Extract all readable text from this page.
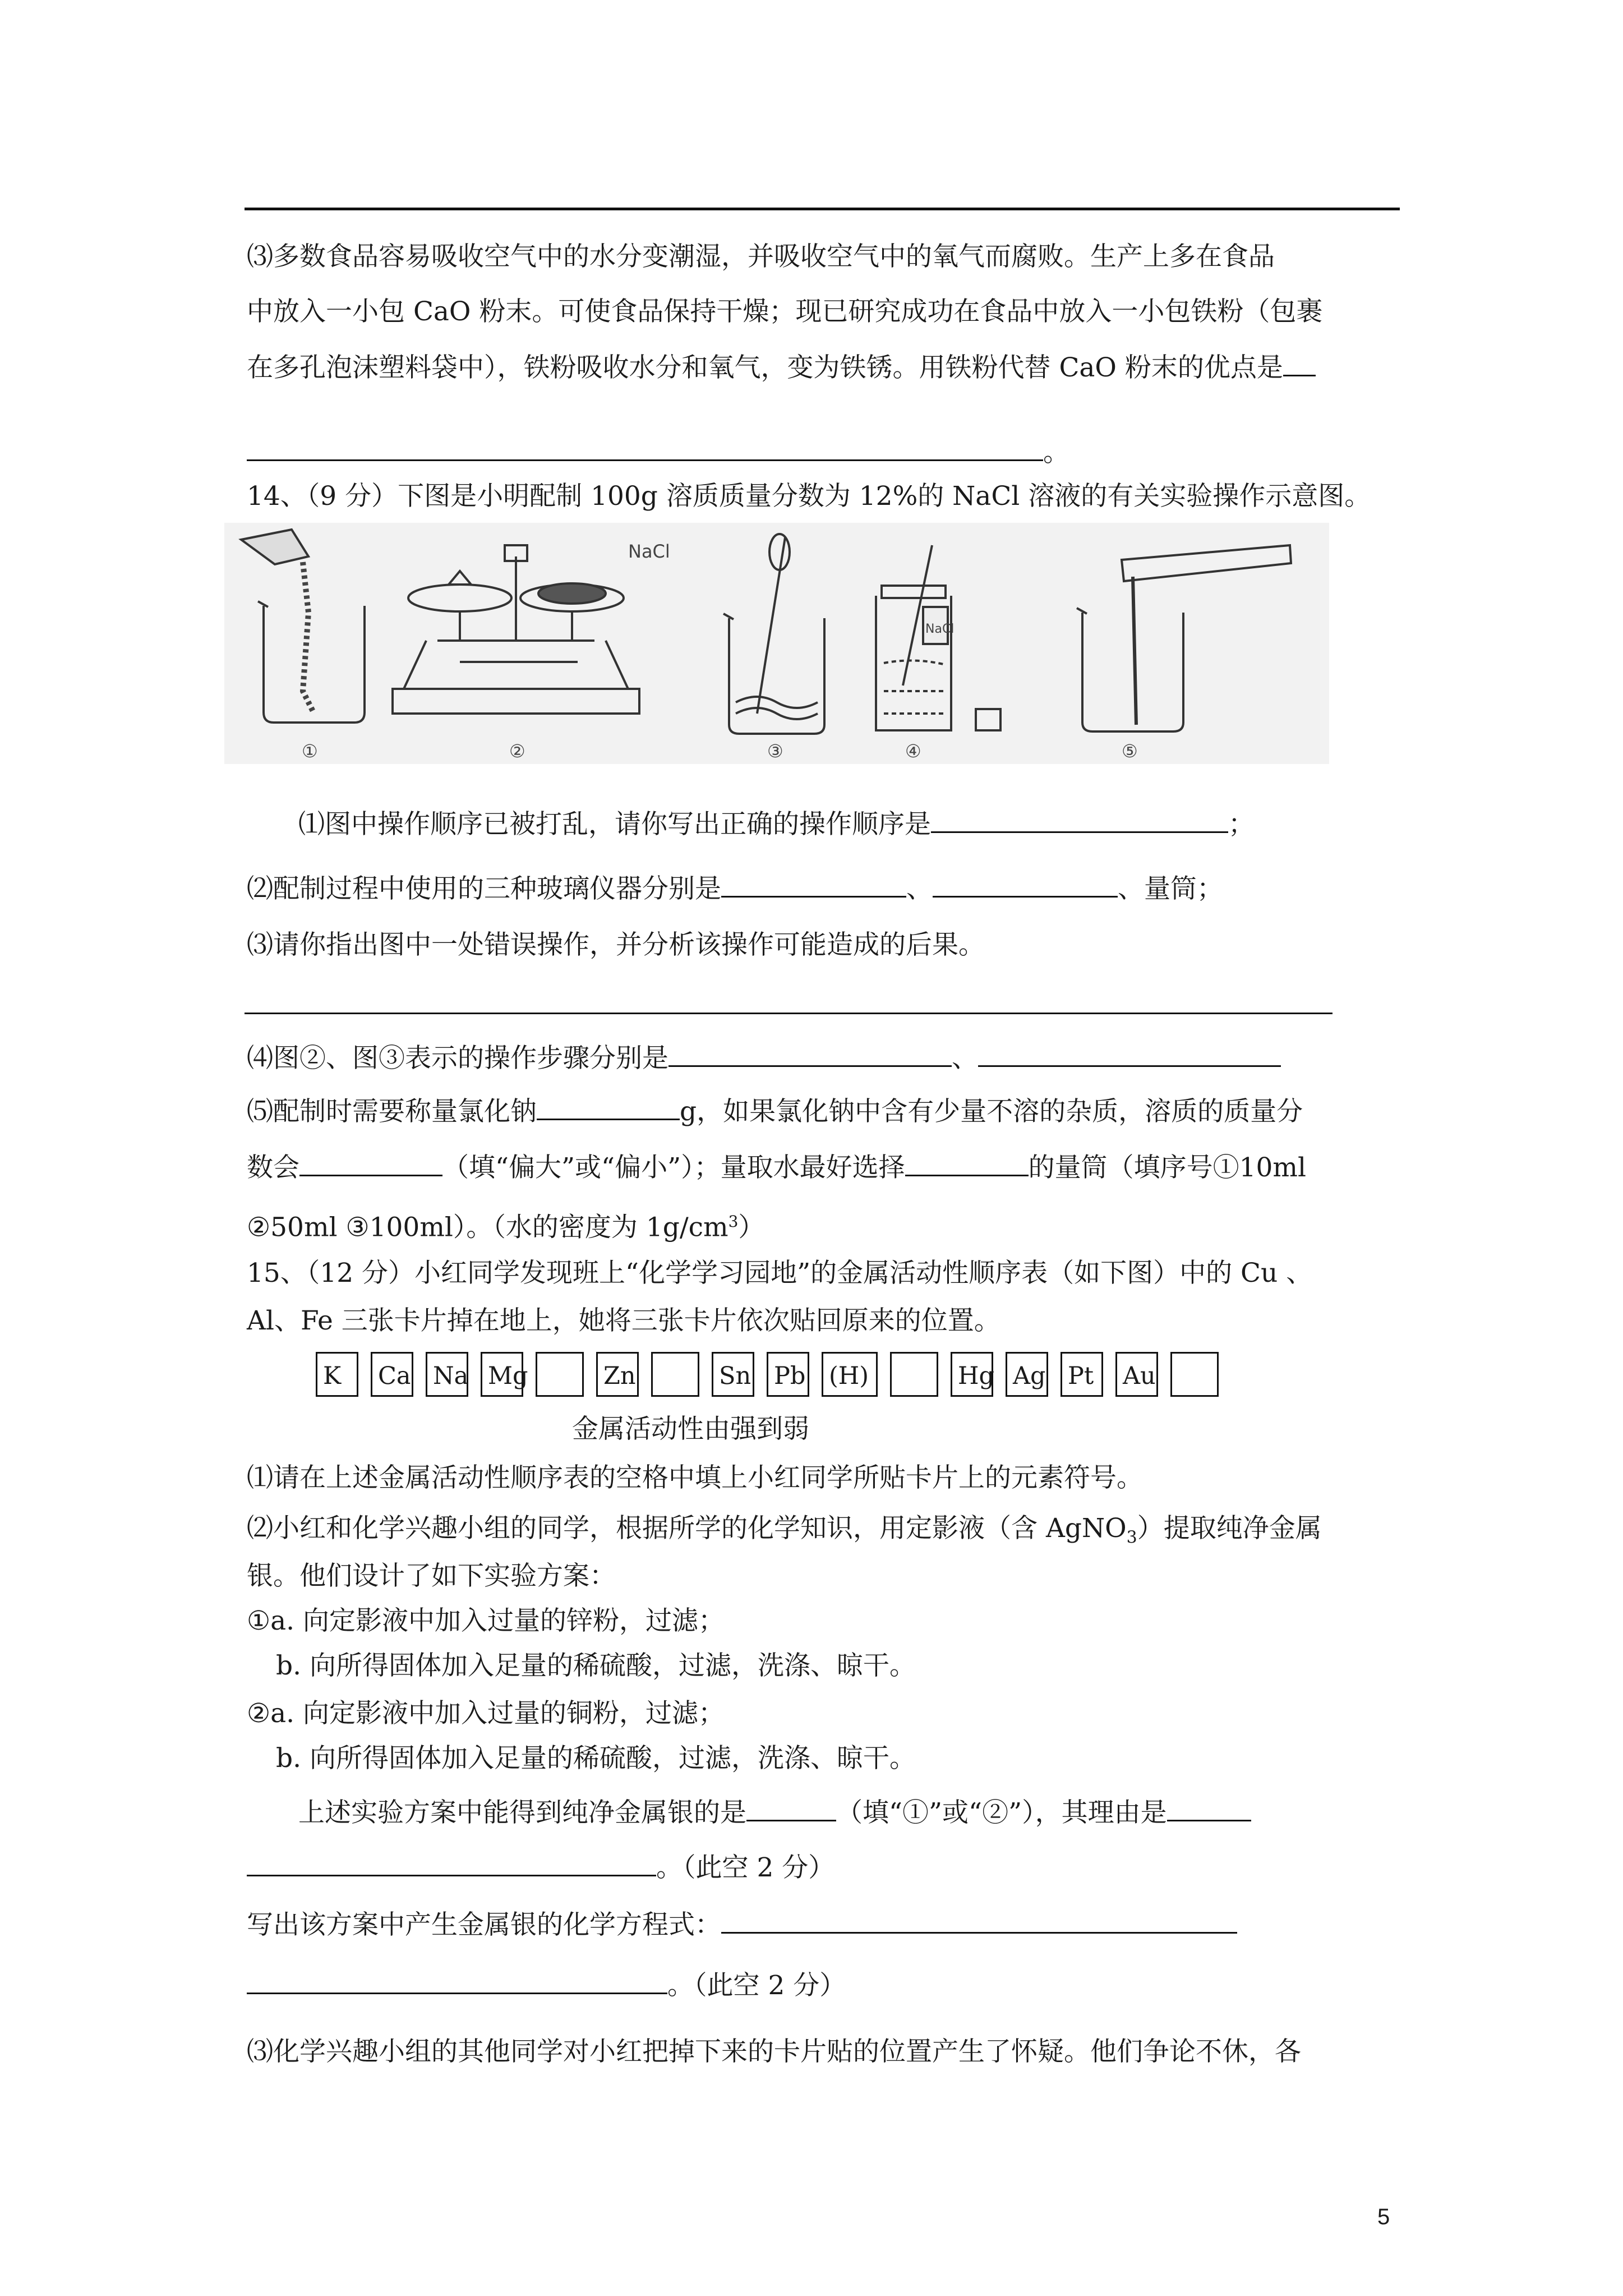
⑶多数食品容易吸收空气中的水分变潮湿，并吸收空气中的氧气而腐败。生产上多在食品
中放入一小包 CaO 粉末。可使食品保持干燥；现已研究成功在食品中放入一小包铁粉（包裹
在多孔泡沫塑料袋中），铁粉吸收水分和氧气，变为铁锈。用铁粉代替 CaO 粉末的优点是
。
14、（9 分）下图是小明配制 100g 溶质质量分数为 12%的 NaCl 溶液的有关实验操作示意图。
NaCl
NaCl
①	②	③	④	⑤
⑴图中操作顺序已被打乱，请你写出正确的操作顺序是	；
⑵配制过程中使用的三种玻璃仪器分别是	、	、量筒；
⑶请你指出图中一处错误操作，并分析该操作可能造成的后果。
⑷图②、图③表示的操作步骤分别是	、
⑸配制时需要称量氯化钠	g，如果氯化钠中含有少量不溶的杂质，溶质的质量分
数会	（填“偏大”或“偏小”）；量取水最好选择	的量筒（填序号①10ml
②50ml ③100ml）。（水的密度为 $1g/cm^3$）
15、（12 分）小红同学发现班上“化学学习园地”的金属活动性顺序表（如下图）中的 Cu 、
Al、Fe 三张卡片掉在地上，她将三张卡片依次贴回原来的位置。
K	Ca Na Mg	Zn	Sn Pb (H)	Hg Ag Pt	Au
金属活动性由强到弱
⑴请在上述金属活动性顺序表的空格中填上小红同学所贴卡片上的元素符号。
⑵小红和化学兴趣小组的同学，根据所学的化学知识，用定影液（含 AgNO$_3$）提取纯净金属
银。他们设计了如下实验方案：
①a. 向定影液中加入过量的锌粉，过滤；
b. 向所得固体加入足量的稀硫酸，过滤，洗涤、晾干。
②a. 向定影液中加入过量的铜粉，过滤；
b. 向所得固体加入足量的稀硫酸，过滤，洗涤、晾干。
上述实验方案中能得到纯净金属银的是	（填“①”或“②”），其理由是
。（此空 2 分）
写出该方案中产生金属银的化学方程式：
。（此空 2 分）
⑶化学兴趣小组的其他同学对小红把掉下来的卡片贴的位置产生了怀疑。他们争论不休，各
5
